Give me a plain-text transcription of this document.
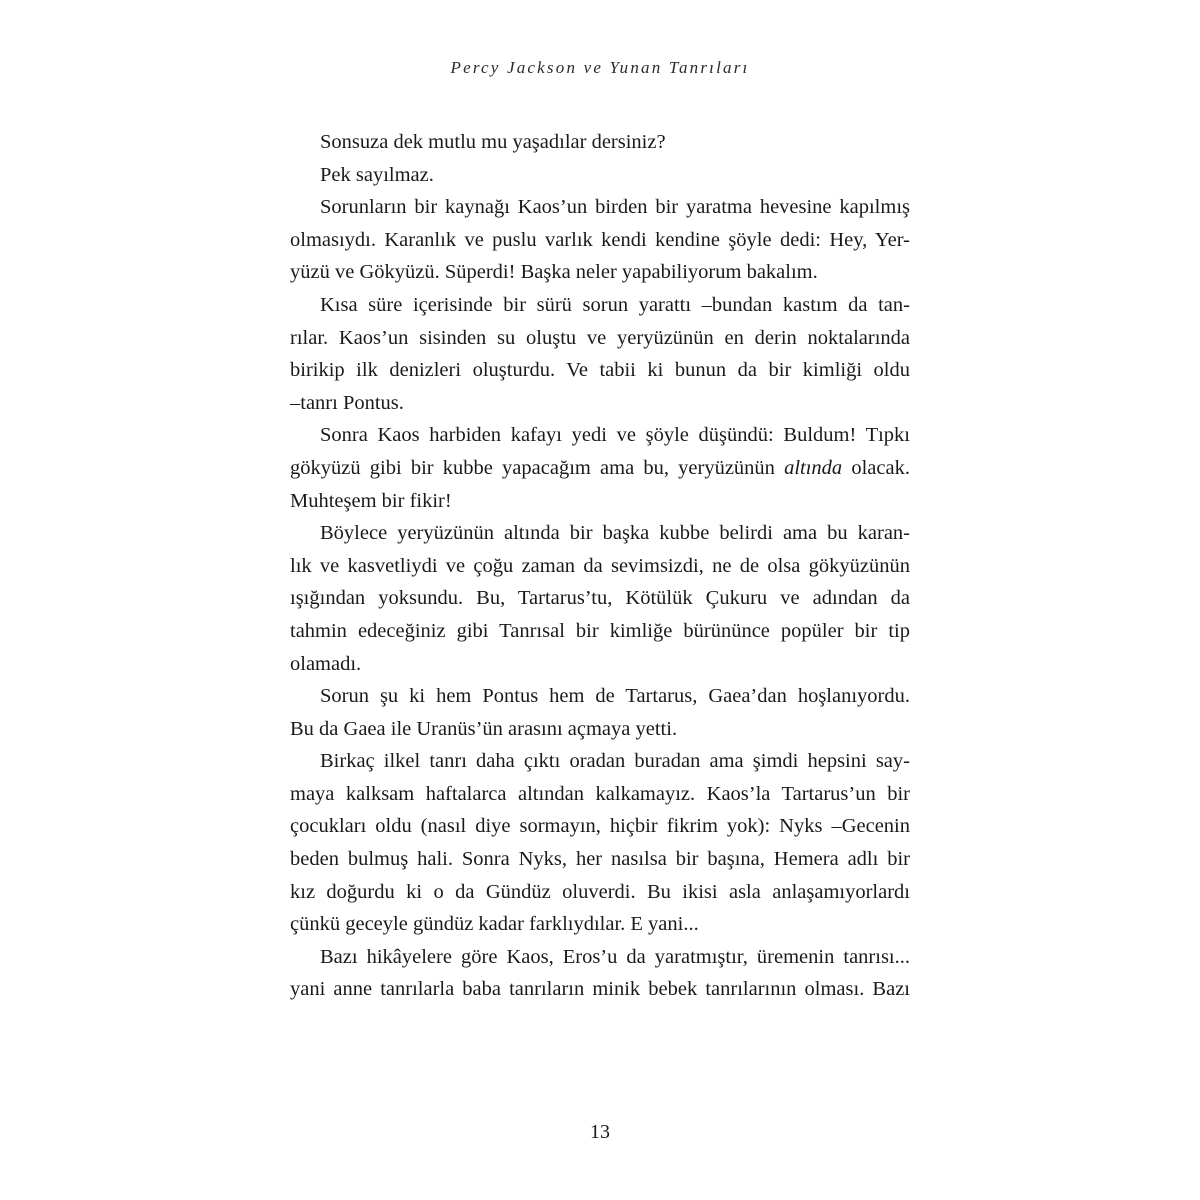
Percy Jackson ve Yunan Tanrıları
Sonsuza dek mutlu mu yaşadılar dersiniz?
Pek sayılmaz.
Sorunların bir kaynağı Kaos’un birden bir yaratma hevesine kapılmış
olmasıydı. Karanlık ve puslu varlık kendi kendine şöyle dedi: Hey, Yer-
yüzü ve Gökyüzü. Süperdi! Başka neler yapabiliyorum bakalım.
Kısa süre içerisinde bir sürü sorun yarattı –bundan kastım da tan-
rılar. Kaos’un sisinden su oluştu ve yeryüzünün en derin noktalarında
birikip ilk denizleri oluşturdu. Ve tabii ki bunun da bir kimliği oldu
–tanrı Pontus.
Sonra Kaos harbiden kafayı yedi ve şöyle düşündü: Buldum! Tıpkı
gökyüzü gibi bir kubbe yapacağım ama bu, yeryüzünün altında olacak.
Muhteşem bir fikir!
Böylece yeryüzünün altında bir başka kubbe belirdi ama bu karan-
lık ve kasvetliydi ve çoğu zaman da sevimsizdi, ne de olsa gökyüzünün
ışığından yoksundu. Bu, Tartarus’tu, Kötülük Çukuru ve adından da
tahmin edeceğiniz gibi Tanrısal bir kimliğe bürününce popüler bir tip
olamadı.
Sorun şu ki hem Pontus hem de Tartarus, Gaea’dan hoşlanıyordu.
Bu da Gaea ile Uranüs’ün arasını açmaya yetti.
Birkaç ilkel tanrı daha çıktı oradan buradan ama şimdi hepsini say-
maya kalksam haftalarca altından kalkamayız. Kaos’la Tartarus’un bir
çocukları oldu (nasıl diye sormayın, hiçbir fikrim yok): Nyks –Gecenin
beden bulmuş hali. Sonra Nyks, her nasılsa bir başına, Hemera adlı bir
kız doğurdu ki o da Gündüz oluverdi. Bu ikisi asla anlaşamıyorlardı
çünkü geceyle gündüz kadar farklıydılar. E yani...
Bazı hikâyelere göre Kaos, Eros’u da yaratmıştır, üremenin tanrısı...
yani anne tanrılarla baba tanrıların minik bebek tanrılarının olması. Bazı
13
